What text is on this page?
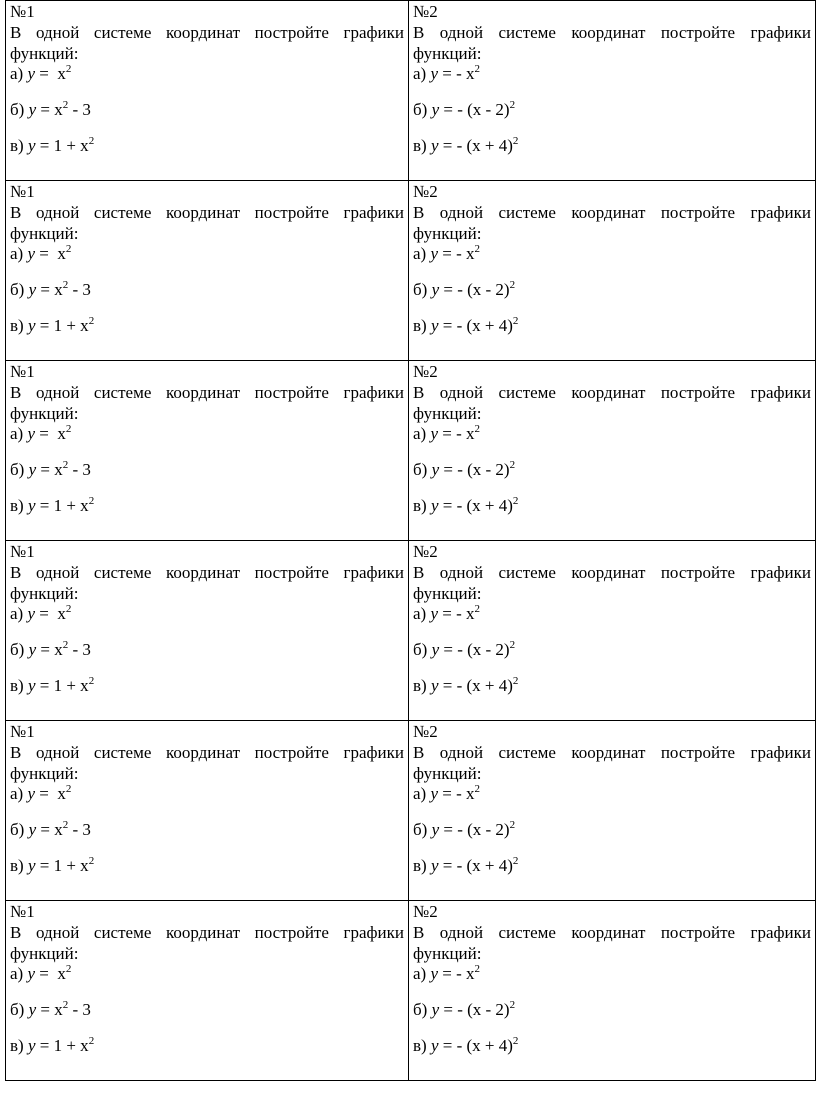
№1
В одной системе координат постройте графики функций:
а) $y = x^2$
б) $y = x^2 - 3$
в) $y = 1 + x^2$	№2
В одной системе координат постройте графики функций:
а) y = - $x^2$
б) y = - (x - 2)$^2$
в) y = - $(x + 4)^2$

№1
В одной системе координат постройте графики функций:
а) $y = x^2$
б) $y = x^2 - 3$
в) $y = 1 + x^2$	№2
В одной системе координат постройте графики функций:
а) y = - $x^2$
б) y = - (x - 2)$^2$
в) y = - $(x + 4)^2$

№1
В одной системе координат постройте графики функций:
а) $y = x^2$
б) $y = x^2 - 3$
в) $y = 1 + x^2$	№2
В одной системе координат постройте графики функций:
а) y = - $x^2$
б) y = - (x - 2)$^2$
в) y = - $(x + 4)^2$

№1
В одной системе координат постройте графики функций:
а) $y = x^2$
б) $y = x^2 - 3$
в) $y = 1 + x^2$	№2
В одной системе координат постройте графики функций:
а) y = - $x^2$
б) y = - (x - 2)$^2$
в) y = - $(x + 4)^2$

№1
В одной системе координат постройте графики функций:
а) $y = x^2$
б) $y = x^2 - 3$
в) $y = 1 + x^2$	№2
В одной системе координат постройте графики функций:
а) y = - $x^2$
б) y = - (x - 2)$^2$
в) y = - $(x + 4)^2$

№1
В одной системе координат постройте графики функций:
а) $y = x^2$
б) $y = x^2 - 3$
в) $y = 1 + x^2$	№2
В одной системе координат постройте графики функций:
а) y = - $x^2$
б) y = - (x - 2)$^2$
в) y = - $(x + 4)^2$
